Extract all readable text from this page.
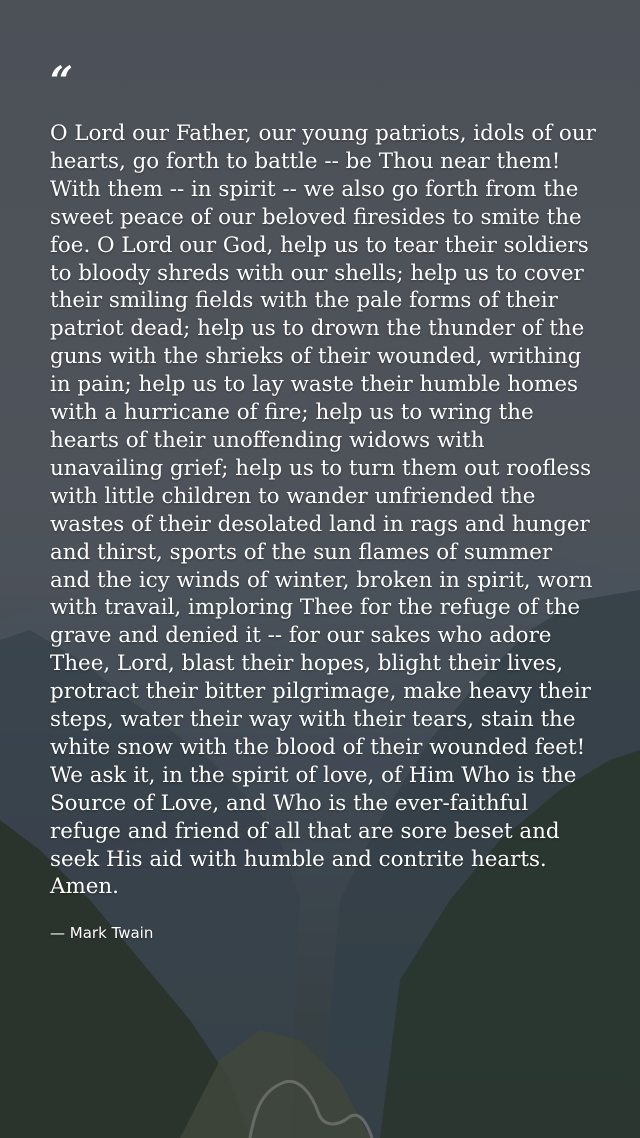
“

O Lord our Father, our young patriots, idols of our hearts, go forth to battle -- be Thou near them! With them -- in spirit -- we also go forth from the sweet peace of our beloved firesides to smite the foe. O Lord our God, help us to tear their soldiers to bloody shreds with our shells; help us to cover their smiling fields with the pale forms of their patriot dead; help us to drown the thunder of the guns with the shrieks of their wounded, writhing in pain; help us to lay waste their humble homes with a hurricane of fire; help us to wring the hearts of their unoffending widows with unavailing grief; help us to turn them out roofless with little children to wander unfriended the wastes of their desolated land in rags and hunger and thirst, sports of the sun flames of summer and the icy winds of winter, broken in spirit, worn with travail, imploring Thee for the refuge of the grave and denied it -- for our sakes who adore Thee, Lord, blast their hopes, blight their lives, protract their bitter pilgrimage, make heavy their steps, water their way with their tears, stain the white snow with the blood of their wounded feet! We ask it, in the spirit of love, of Him Who is the Source of Love, and Who is the ever-faithful refuge and friend of all that are sore beset and seek His aid with humble and contrite hearts. Amen.

— Mark Twain
